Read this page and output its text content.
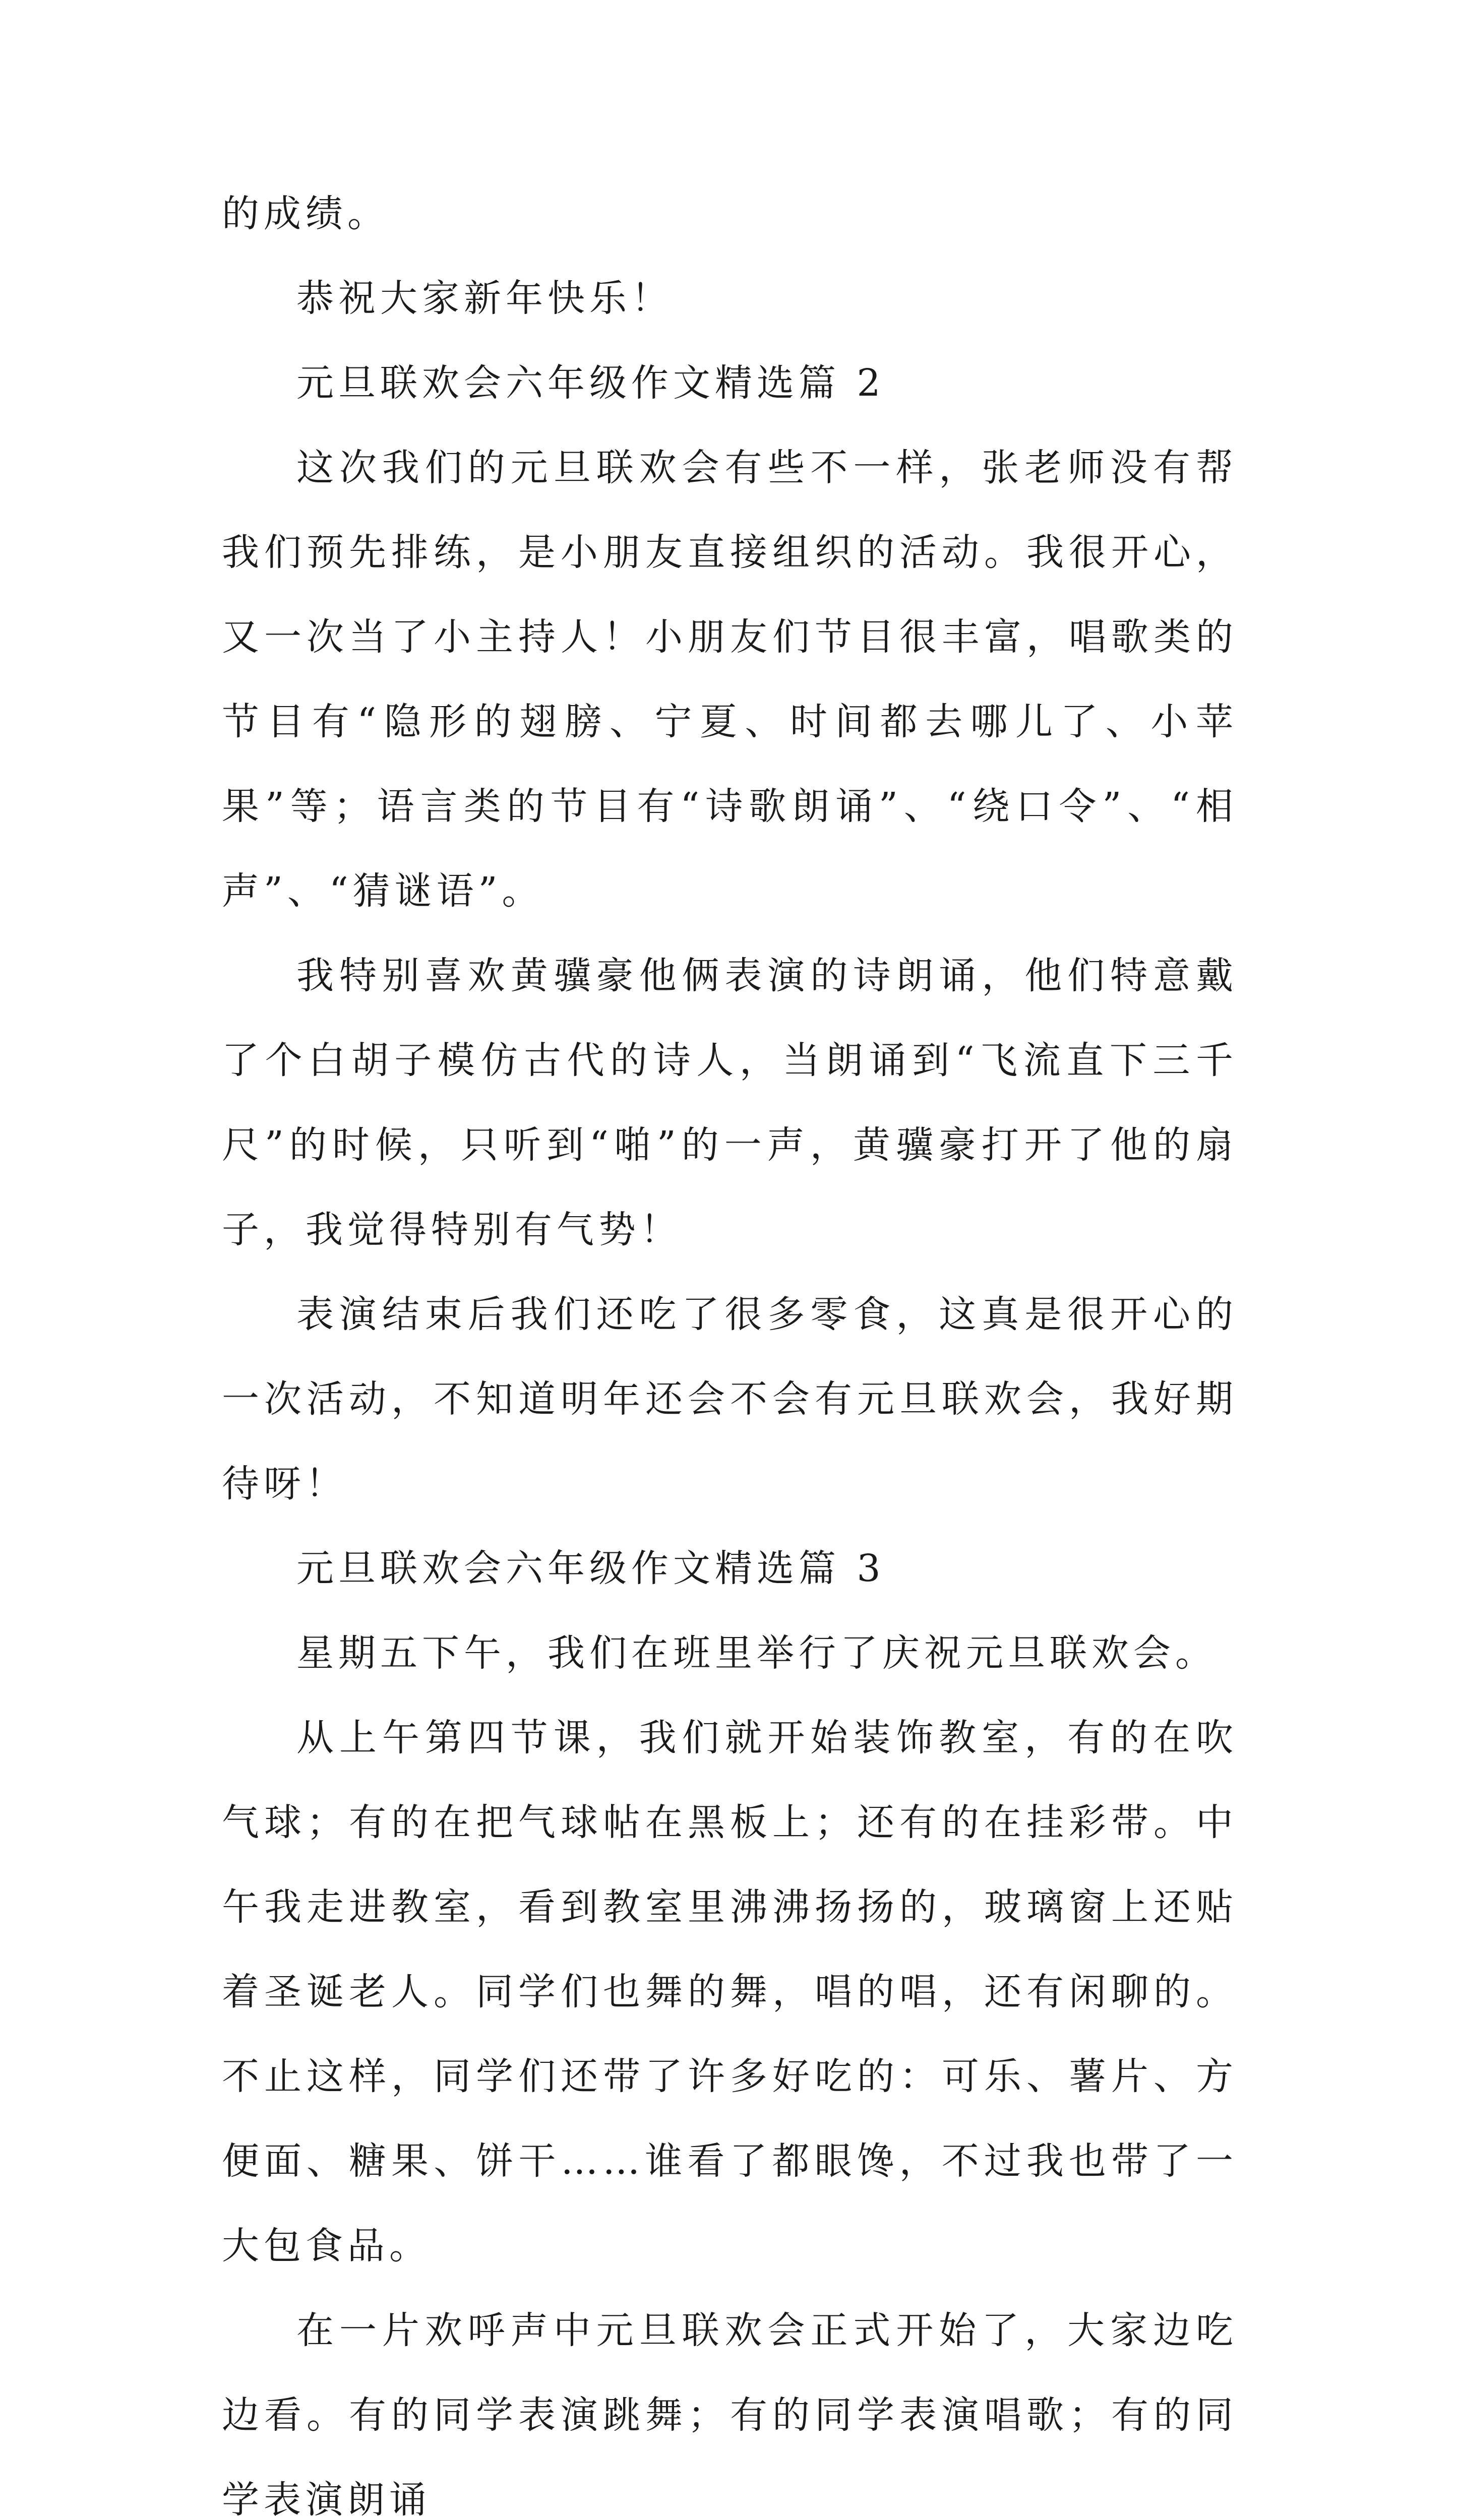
的成绩。

恭祝大家新年快乐！

元旦联欢会六年级作文精选篇 2

这次我们的元旦联欢会有些不一样，张老师没有帮我们预先排练，是小朋友直接组织的活动。我很开心，又一次当了小主持人！小朋友们节目很丰富，唱歌类的节目有“隐形的翅膀、宁夏、时间都去哪儿了、小苹果”等；语言类的节目有“诗歌朗诵”、“绕口令”、“相声”、“猜谜语”。

我特别喜欢黄骥豪他俩表演的诗朗诵，他们特意戴了个白胡子模仿古代的诗人，当朗诵到“飞流直下三千尺”的时候，只听到“啪”的一声，黄骥豪打开了他的扇子，我觉得特别有气势！

表演结束后我们还吃了很多零食，这真是很开心的一次活动，不知道明年还会不会有元旦联欢会，我好期待呀！

元旦联欢会六年级作文精选篇 3

星期五下午，我们在班里举行了庆祝元旦联欢会。

从上午第四节课，我们就开始装饰教室，有的在吹气球；有的在把气球帖在黑板上；还有的在挂彩带。中午我走进教室，看到教室里沸沸扬扬的，玻璃窗上还贴着圣诞老人。同学们也舞的舞，唱的唱，还有闲聊的。不止这样，同学们还带了许多好吃的：可乐、薯片、方便面、糖果、饼干……谁看了都眼馋，不过我也带了一大包食品。

在一片欢呼声中元旦联欢会正式开始了，大家边吃边看。有的同学表演跳舞；有的同学表演唱歌；有的同学表演朗诵
